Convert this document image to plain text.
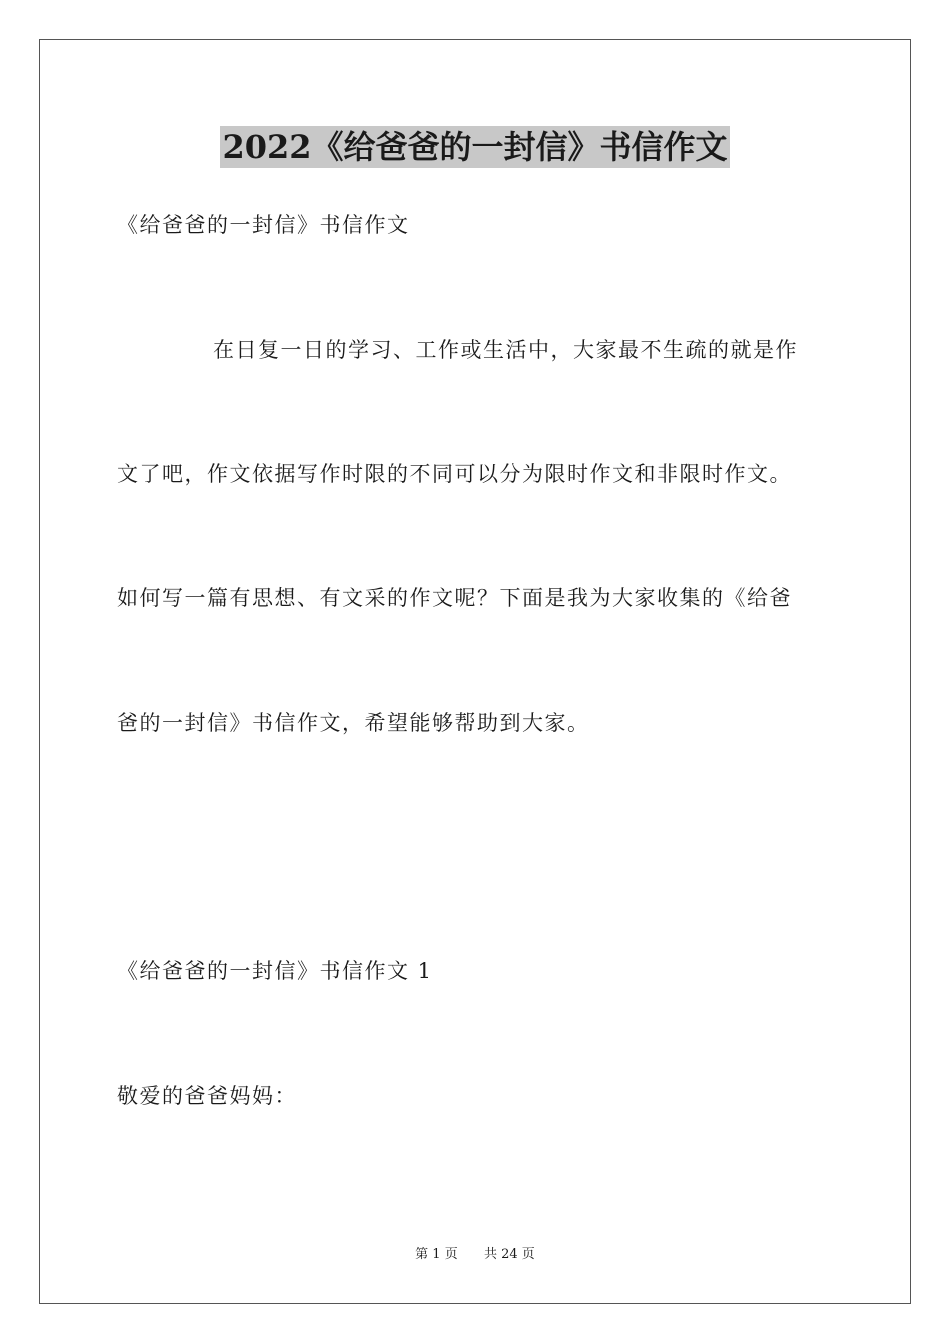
2022《给爸爸的一封信》书信作文
《给爸爸的一封信》书信作文
在日复一日的学习、工作或生活中，大家最不生疏的就是作
文了吧，作文依据写作时限的不同可以分为限时作文和非限时作文。
如何写一篇有思想、有文采的作文呢？下面是我为大家收集的《给爸
爸的一封信》书信作文，希望能够帮助到大家。
《给爸爸的一封信》书信作文 1
敬爱的爸爸妈妈：
第 1 页 共 24 页
